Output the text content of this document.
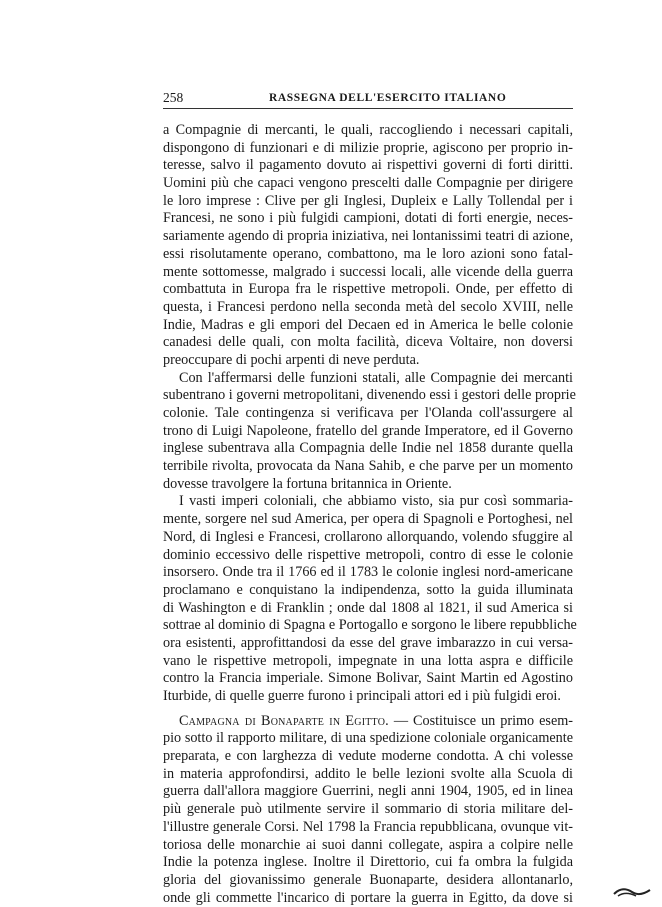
258	RASSEGNA DELL'ESERCITO ITALIANO
a Compagnie di mercanti, le quali, raccogliendo i necessari capitali,
dispongono di funzionari e di milizie proprie, agiscono per proprio in-
teresse, salvo il pagamento dovuto ai rispettivi governi di forti diritti.
Uomini più che capaci vengono prescelti dalle Compagnie per dirigere
le loro imprese : Clive per gli Inglesi, Dupleix e Lally Tollendal per i
Francesi, ne sono i più fulgidi campioni, dotati di forti energie, neces-
sariamente agendo di propria iniziativa, nei lontanissimi teatri di azione,
essi risolutamente operano, combattono, ma le loro azioni sono fatal-
mente sottomesse, malgrado i successi locali, alle vicende della guerra
combattuta in Europa fra le rispettive metropoli. Onde, per effetto di
questa, i Francesi perdono nella seconda metà del secolo XVIII, nelle
Indie, Madras e gli empori del Decaen ed in America le belle colonie
canadesi delle quali, con molta facilità, diceva Voltaire, non doversi
preoccupare di pochi arpenti di neve perduta.
Con l'affermarsi delle funzioni statali, alle Compagnie dei mercanti
subentrano i governi metropolitani, divenendo essi i gestori delle proprie
colonie. Tale contingenza si verificava per l'Olanda coll'assurgere al
trono di Luigi Napoleone, fratello del grande Imperatore, ed il Governo
inglese subentrava alla Compagnia delle Indie nel 1858 durante quella
terribile rivolta, provocata da Nana Sahib, e che parve per un momento
dovesse travolgere la fortuna britannica in Oriente.
I vasti imperi coloniali, che abbiamo visto, sia pur così sommaria-
mente, sorgere nel sud America, per opera di Spagnoli e Portoghesi, nel
Nord, di Inglesi e Francesi, crollarono allorquando, volendo sfuggire al
dominio eccessivo delle rispettive metropoli, contro di esse le colonie
insorsero. Onde tra il 1766 ed il 1783 le colonie inglesi nord-americane
proclamano e conquistano la indipendenza, sotto la guida illuminata
di Washington e di Franklin ; onde dal 1808 al 1821, il sud America si
sottrae al dominio di Spagna e Portogallo e sorgono le libere repubbliche
ora esistenti, approfittandosi da esse del grave imbarazzo in cui versa-
vano le rispettive metropoli, impegnate in una lotta aspra e difficile
contro la Francia imperiale. Simone Bolivar, Saint Martin ed Agostino
Iturbide, di quelle guerre furono i principali attori ed i più fulgidi eroi.
Campagna di Bonaparte in Egitto. — Costituisce un primo esem-
pio sotto il rapporto militare, di una spedizione coloniale organicamente
preparata, e con larghezza di vedute moderne condotta. A chi volesse
in materia approfondirsi, addito le belle lezioni svolte alla Scuola di
guerra dall'allora maggiore Guerrini, negli anni 1904, 1905, ed in linea
più generale può utilmente servire il sommario di storia militare del-
l'illustre generale Corsi. Nel 1798 la Francia repubblicana, ovunque vit-
toriosa delle monarchie ai suoi danni collegate, aspira a colpire nelle
Indie la potenza inglese. Inoltre il Direttorio, cui fa ombra la fulgida
gloria del giovanissimo generale Buonaparte, desidera allontanarlo,
onde gli commette l'incarico di portare la guerra in Egitto, da dove si
